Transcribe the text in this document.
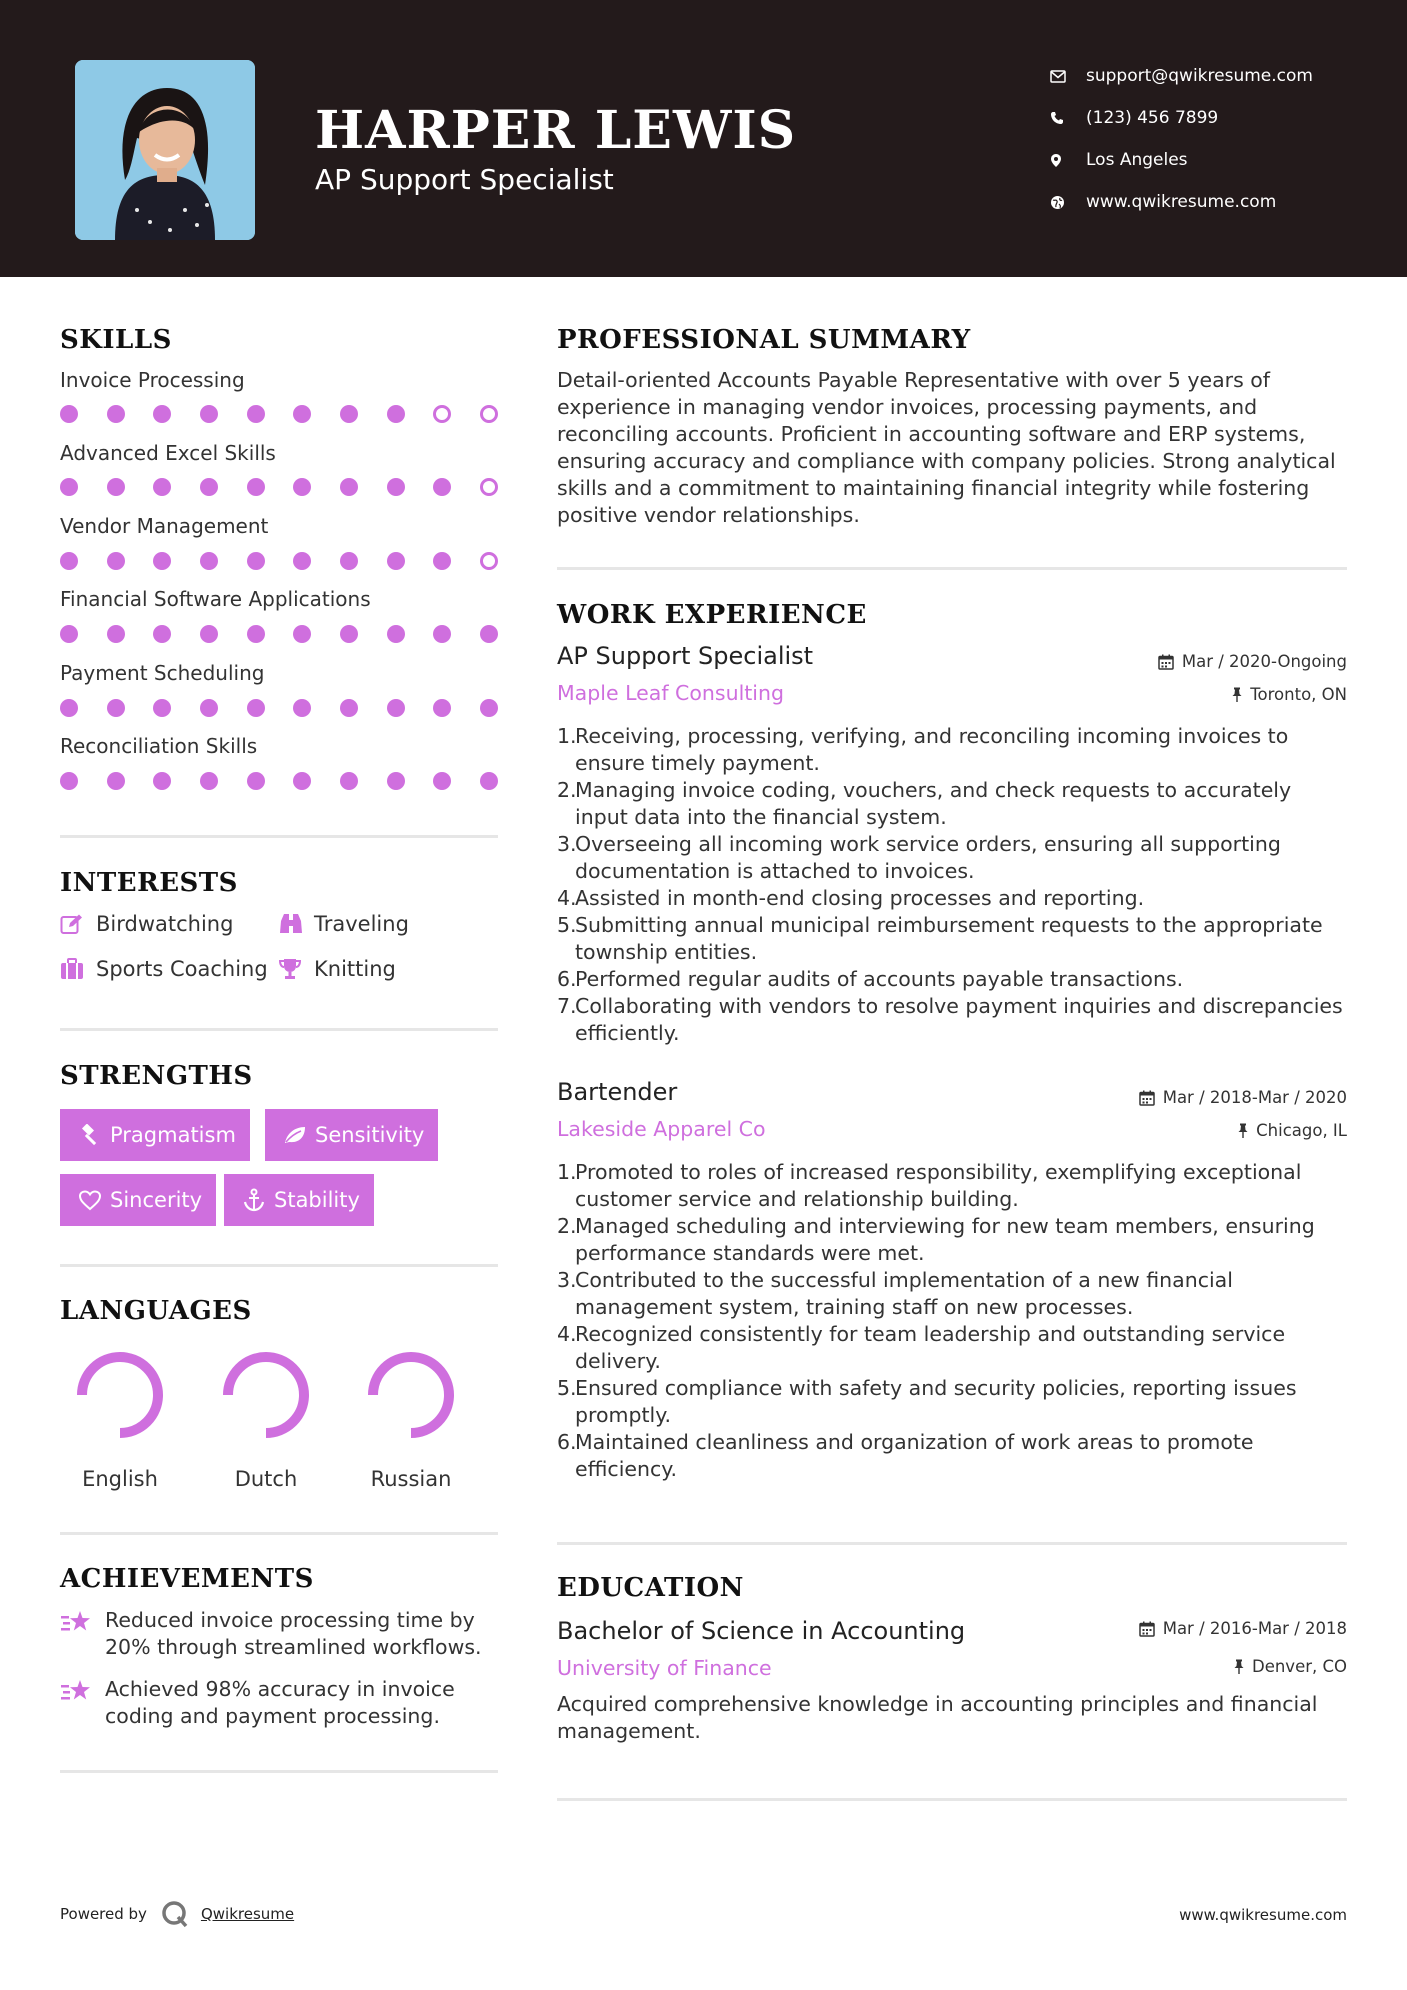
HARPER LEWIS
AP Support Specialist
support@qwikresume.com
(123) 456 7899
Los Angeles
www.qwikresume.com
SKILLS
Invoice Processing
Advanced Excel Skills
Vendor Management
Financial Software Applications
Payment Scheduling
Reconciliation Skills
INTERESTS
Birdwatching	Traveling
Sports Coaching Knitting
STRENGTHS
Pragmatism	Sensitivity
Sincerity	Stability
LANGUAGES
English	Dutch	Russian
ACHIEVEMENTS
Reduced invoice processing time by 20% through streamlined workflows.
Achieved 98% accuracy in invoice coding and payment processing.
PROFESSIONAL SUMMARY
Detail-oriented Accounts Payable Representative with over 5 years of experience in managing vendor invoices, processing payments, and reconciling accounts. Proficient in accounting software and ERP systems, ensuring accuracy and compliance with company policies. Strong analytical skills and a commitment to maintaining financial integrity while fostering positive vendor relationships.
WORK EXPERIENCE
AP Support Specialist	Mar / 2020-Ongoing
Maple Leaf Consulting	Toronto, ON
1.
Receiving, processing, verifying, and reconciling incoming invoices to ensure timely payment.
2.
Managing invoice coding, vouchers, and check requests to accurately input data into the financial system.
3.
Overseeing all incoming work service orders, ensuring all supporting documentation is attached to invoices.
4.
Assisted in month-end closing processes and reporting.
5.
Submitting annual municipal reimbursement requests to the appropriate township entities.
6.
Performed regular audits of accounts payable transactions.
7.
Collaborating with vendors to resolve payment inquiries and discrepancies efficiently.
Bartender	Mar / 2018-Mar / 2020
Lakeside Apparel Co	Chicago, IL
1.
Promoted to roles of increased responsibility, exemplifying exceptional customer service and relationship building.
2.
Managed scheduling and interviewing for new team members, ensuring performance standards were met.
3.
Contributed to the successful implementation of a new financial management system, training staff on new processes.
4.
Recognized consistently for team leadership and outstanding service delivery.
5.
Ensured compliance with safety and security policies, reporting issues promptly.
6.
Maintained cleanliness and organization of work areas to promote efficiency.
EDUCATION
Bachelor of Science in Accounting	Mar / 2016-Mar / 2018
University of Finance	Denver, CO
Acquired comprehensive knowledge in accounting principles and financial management.
Powered by	Qwikresume	www.qwikresume.com
